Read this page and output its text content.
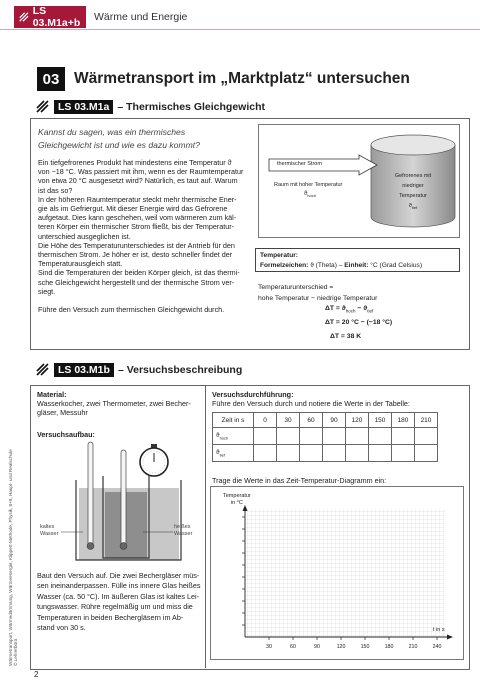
LS 03.M1a+b	Wärme und Energie
03 Wärmetransport im „Marktplatz“ untersuchen
LS 03.M1a – Thermisches Gleichgewicht
Kannst du sagen, was ein thermisches
Gleichgewicht ist und wie es dazu kommt?
Ein tiefgefrorenes Produkt hat mindestens eine Temperatur ϑ
von −18 °C. Was passiert mit ihm, wenn es der Raumtemperatur
von etwa 20 °C ausgesetzt wird? Natürlich, es taut auf. Warum
ist das so?
In der höheren Raumtemperatur steckt mehr thermische Ener-
gie als im Gefriergut. Mit dieser Energie wird das Gefrorene
aufgetaut. Dies kann geschehen, weil vom wärmeren zum käl-
teren Körper ein thermischer Strom fließt, bis der Temperatur-
unterschied ausgeglichen ist.
Die Höhe des Temperaturunterschiedes ist der Antrieb für den
thermischen Strom. Je höher er ist, desto schneller findet der
Temperaturausgleich statt.
Sind die Temperaturen der beiden Körper gleich, ist das thermi-
sche Gleichgewicht hergestellt und der thermische Strom ver-
siegt.
Führe den Versuch zum thermischen Gleichgewicht durch.
thermischer Strom
Raum mit hoher Temperatur
$ϑ_{hoch}$
Gefrorenes mit
niedriger
Temperatur
$ϑ_{tief}$
Temperatur:
Formelzeichen: ϑ (Theta) – Einheit: °C (Grad Celsius)
Temperaturunterschied =
hohe Temperatur − niedrige Temperatur
$\Delta T = ϑ_{hoch} - ϑ_{tief}$
ΔT = 20 °C − (−18 °C)
ΔT = 38 K
LS 03.M1b – Versuchsbeschreibung
Material:
Wasserkocher, zwei Thermometer, zwei Becher-
gläser, Messuhr
Versuchsaufbau:
kaltes
Wasser
heißes
Wasser
Baut den Versuch auf. Die zwei Bechergläser müs-
sen ineinanderpassen. Fülle ins innere Glas heißes
Wasser (ca. 50 °C). Im äußeren Glas ist kaltes Lei-
tungswasser. Rühre regelmäßig um und miss die
Temperaturen in beiden Bechergläsern im Ab-
stand von 30 s.
Versuchsdurchführung:
Führe den Versuch durch und notiere die Werte in der Tabelle:
Zeit in s	0	30	60	90	120	150	180	210
$ϑ_{hoch}$								
$ϑ_{tief}$								
Trage die Werte in das Zeit-Temperatur-Diagramm ein:
Temperatur
in °C
t in s
30	60	90	120	150	180	210	240
Wärmetransport, Wärmedämmung, Wärmeenergie, Klippert-Methode, Physik, 8+9, Haupt- und Realschule © Lehrerbüro
2
